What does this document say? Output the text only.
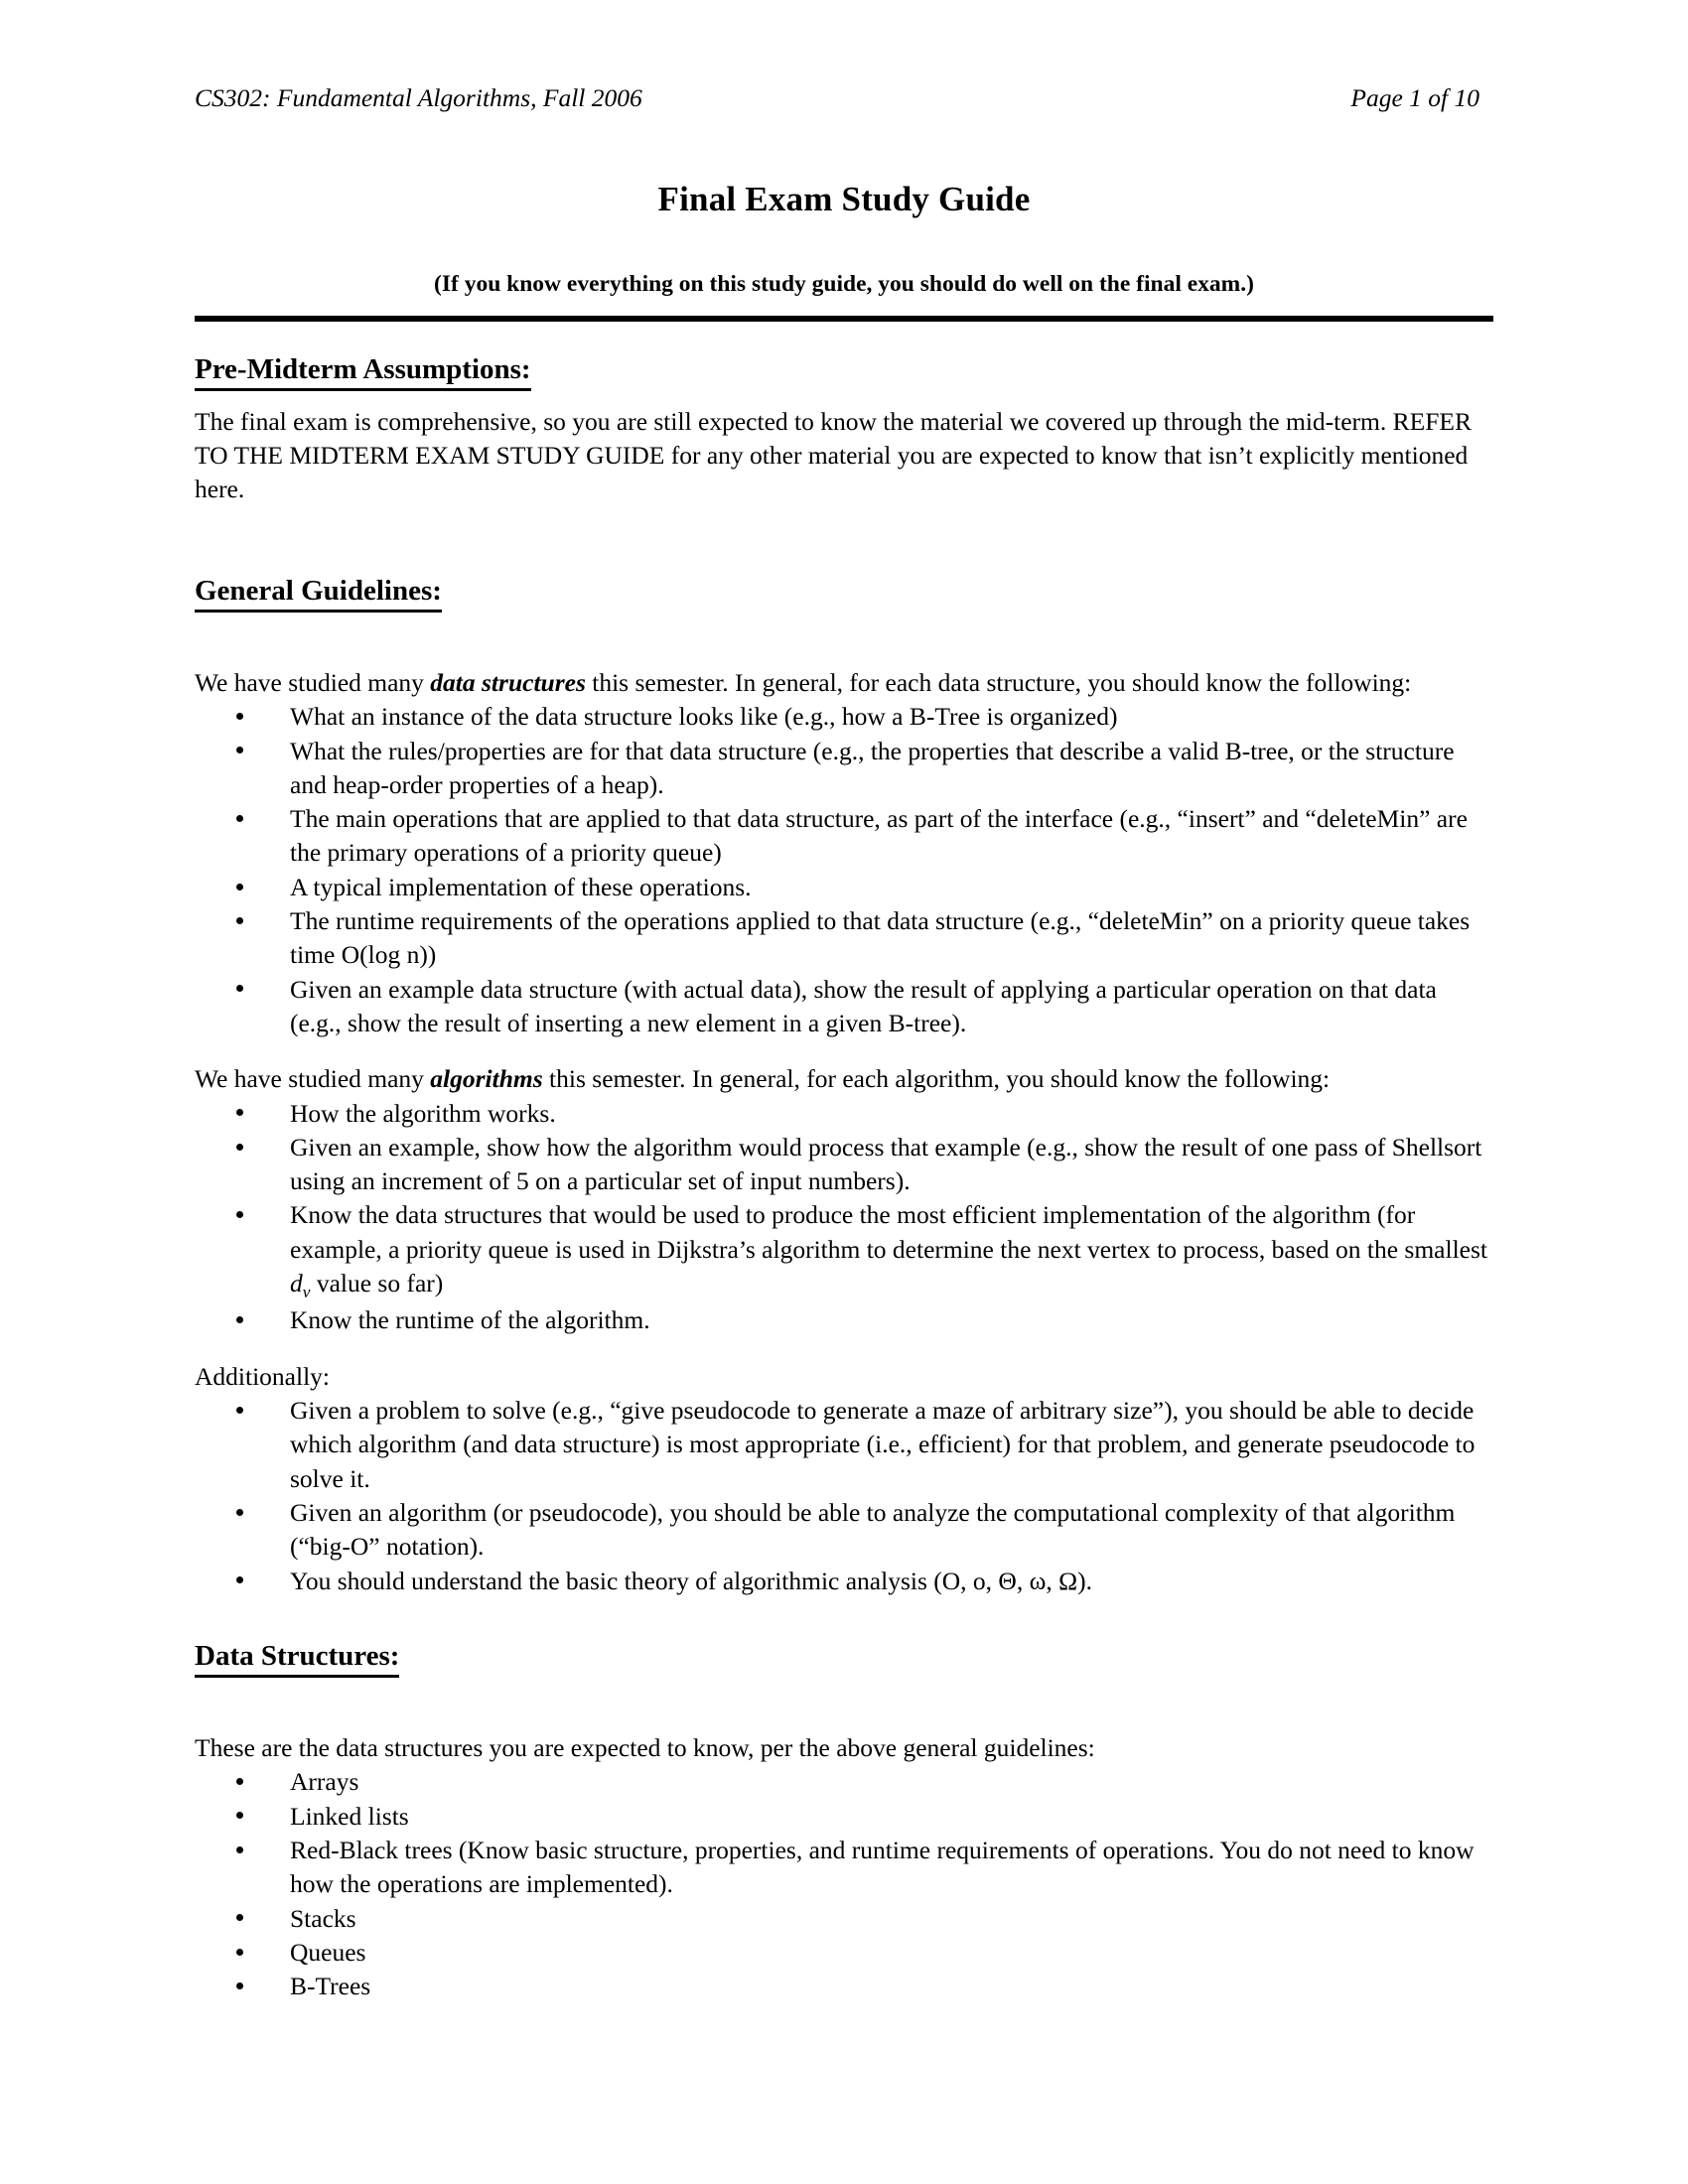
CS302: Fundamental Algorithms, Fall 2006	Page 1 of 10
Final Exam Study Guide
(If you know everything on this study guide, you should do well on the final exam.)
Pre-Midterm Assumptions:

The final exam is comprehensive, so you are still expected to know the material we covered up through the mid-term. REFER TO THE MIDTERM EXAM STUDY GUIDE for any other material you are expected to know that isn’t explicitly mentioned here.

General Guidelines:

We have studied many data structures this semester. In general, for each data structure, you should know the following:

What an instance of the data structure looks like (e.g., how a B-Tree is organized)
What the rules/properties are for that data structure (e.g., the properties that describe a valid B-tree, or the structure and heap-order properties of a heap).
The main operations that are applied to that data structure, as part of the interface (e.g., “insert” and “deleteMin” are the primary operations of a priority queue)
A typical implementation of these operations.
The runtime requirements of the operations applied to that data structure (e.g., “deleteMin” on a priority queue takes time O(log n))
Given an example data structure (with actual data), show the result of applying a particular operation on that data (e.g., show the result of inserting a new element in a given B-tree).

We have studied many algorithms this semester. In general, for each algorithm, you should know the following:

How the algorithm works.
Given an example, show how the algorithm would process that example (e.g., show the result of one pass of Shellsort using an increment of 5 on a particular set of input numbers).
Know the data structures that would be used to produce the most efficient implementation of the algorithm (for example, a priority queue is used in Dijkstra’s algorithm to determine the next vertex to process, based on the smallest $d_v$ value so far)
Know the runtime of the algorithm.

Additionally:

Given a problem to solve (e.g., “give pseudocode to generate a maze of arbitrary size”), you should be able to decide which algorithm (and data structure) is most appropriate (i.e., efficient) for that problem, and generate pseudocode to solve it.
Given an algorithm (or pseudocode), you should be able to analyze the computational complexity of that algorithm (“big-O” notation).
You should understand the basic theory of algorithmic analysis (O, o, Θ, ω, Ω).
Data Structures:

These are the data structures you are expected to know, per the above general guidelines:

Arrays
Linked lists
Red-Black trees (Know basic structure, properties, and runtime requirements of operations. You do not need to know how the operations are implemented).
Stacks
Queues
B-Trees
